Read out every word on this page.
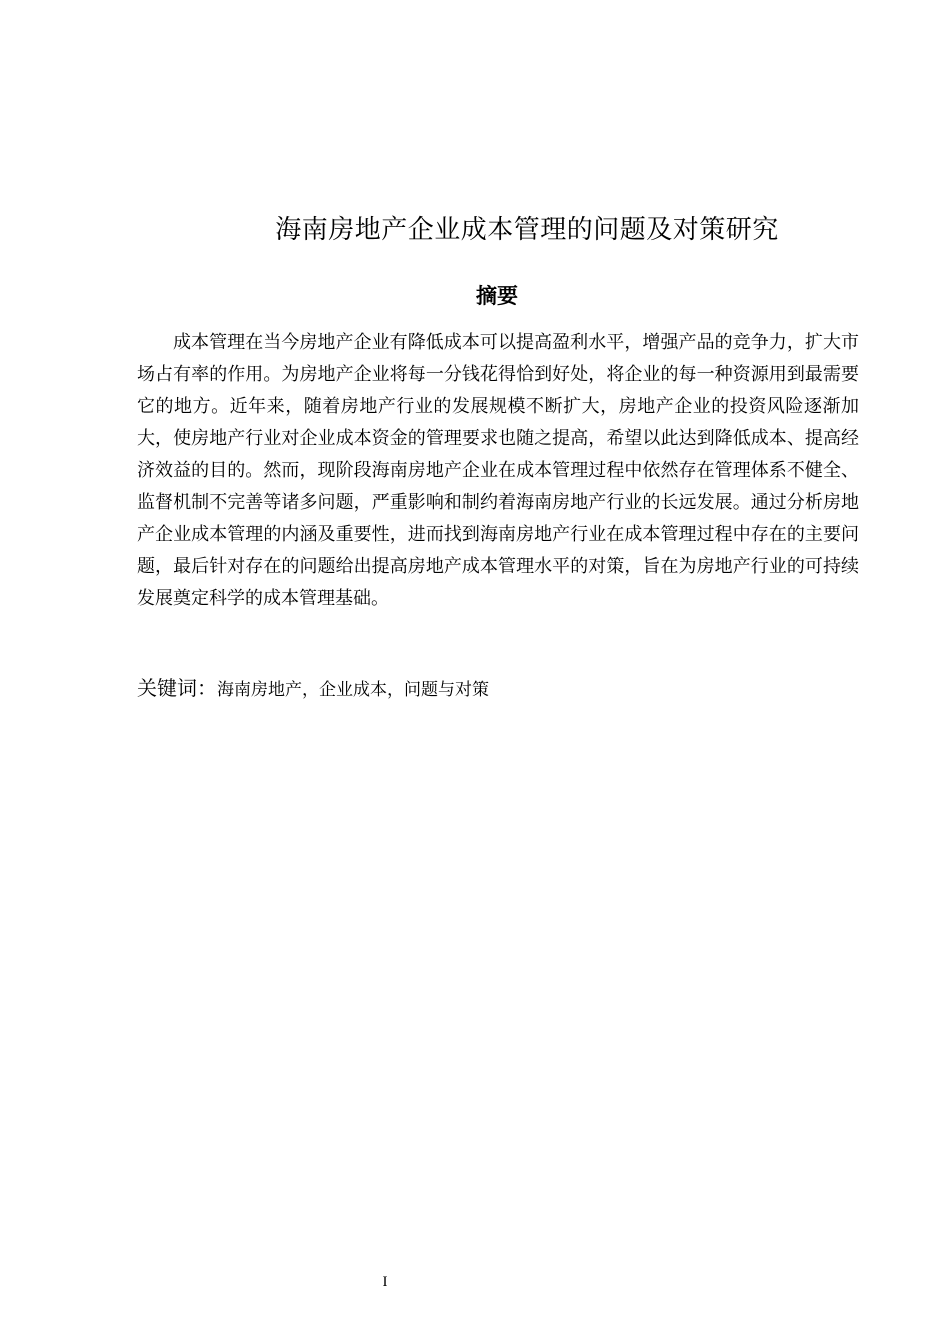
海南房地产企业成本管理的问题及对策研究
摘要

成本管理在当今房地产企业有降低成本可以提高盈利水平，增强产品的竞争力，扩大市场占有率的作用。为房地产企业将每一分钱花得恰到好处，将企业的每一种资源用到最需要它的地方。近年来，随着房地产行业的发展规模不断扩大，房地产企业的投资风险逐渐加大，使房地产行业对企业成本资金的管理要求也随之提高，希望以此达到降低成本、提高经济效益的目的。然而，现阶段海南房地产企业在成本管理过程中依然存在管理体系不健全、监督机制不完善等诸多问题，严重影响和制约着海南房地产行业的长远发展。通过分析房地产企业成本管理的内涵及重要性，进而找到海南房地产行业在成本管理过程中存在的主要问题，最后针对存在的问题给出提高房地产成本管理水平的对策，旨在为房地产行业的可持续发展奠定科学的成本管理基础。

关键词：海南房地产，企业成本，问题与对策
I
